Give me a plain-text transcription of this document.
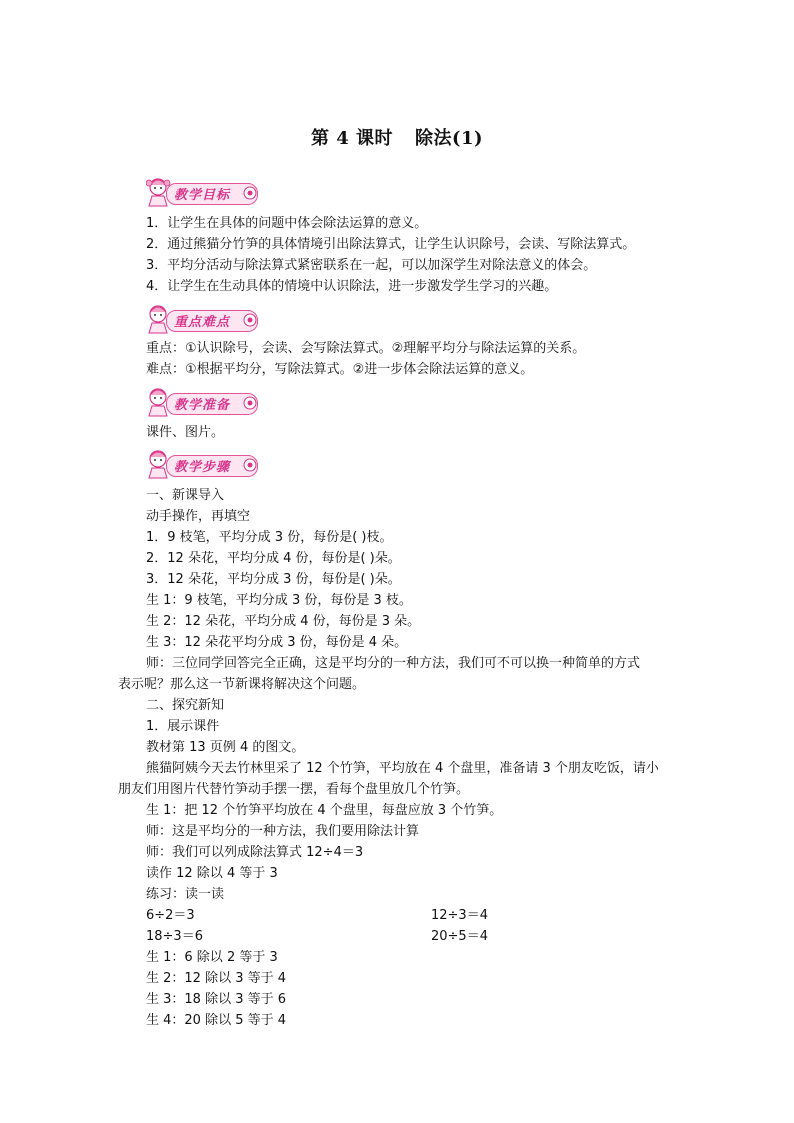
第 4 课时 除法(1)
教学目标
1．让学生在具体的问题中体会除法运算的意义。
2．通过熊猫分竹笋的具体情境引出除法算式，让学生认识除号，会读、写除法算式。
3．平均分活动与除法算式紧密联系在一起，可以加深学生对除法意义的体会。
4．让学生在生动具体的情境中认识除法，进一步激发学生学习的兴趣。
重点难点
重点：①认识除号，会读、会写除法算式。②理解平均分与除法运算的关系。
难点：①根据平均分，写除法算式。②进一步体会除法运算的意义。
教学准备
课件、图片。
教学步骤
一、新课导入
动手操作，再填空
1．9 枝笔，平均分成 3 份，每份是( )枝。
2．12 朵花，平均分成 4 份，每份是( )朵。
3．12 朵花，平均分成 3 份，每份是( )朵。
生 1：9 枝笔，平均分成 3 份，每份是 3 枝。
生 2：12 朵花，平均分成 4 份，每份是 3 朵。
生 3：12 朵花平均分成 3 份，每份是 4 朵。
师：三位同学回答完全正确，这是平均分的一种方法，我们可不可以换一种简单的方式
表示呢？那么这一节新课将解决这个问题。
二、探究新知
1．展示课件
教材第 13 页例 4 的图文。
熊猫阿姨今天去竹林里采了 12 个竹笋，平均放在 4 个盘里，准备请 3 个朋友吃饭，请小
朋友们用图片代替竹笋动手摆一摆，看每个盘里放几个竹笋。
生 1：把 12 个竹笋平均放在 4 个盘里，每盘应放 3 个竹笋。
师：这是平均分的一种方法，我们要用除法计算
师：我们可以列成除法算式 12÷4＝3
读作 12 除以 4 等于 3
练习：读一读
6÷2＝3	12÷3＝4
18÷3＝6	20÷5＝4
生 1：6 除以 2 等于 3
生 2：12 除以 3 等于 4
生 3：18 除以 3 等于 6
生 4：20 除以 5 等于 4
